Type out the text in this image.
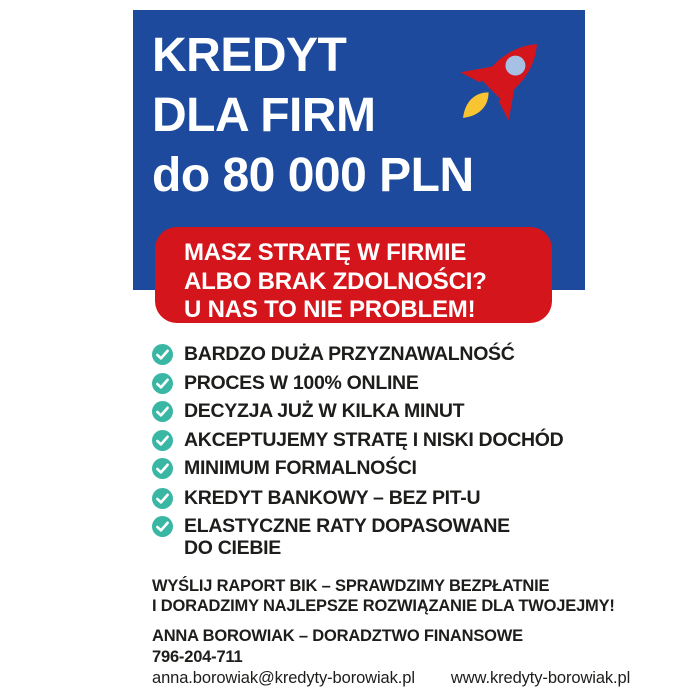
KREDYT
DLA FIRM
do 80 000 PLN
MASZ STRATĘ W FIRMIE
ALBO BRAK ZDOLNOŚCI?
U NAS TO NIE PROBLEM!
BARDZO DUŻA PRZYZNAWALNOŚĆ
PROCES W 100% ONLINE
DECYZJA JUŻ W KILKA MINUT
AKCEPTUJEMY STRATĘ I NISKI DOCHÓD
MINIMUM FORMALNOŚCI
KREDYT BANKOWY – BEZ PIT-U
ELASTYCZNE RATY DOPASOWANE DO CIEBIE
WYŚLIJ RAPORT BIK – SPRAWDZIMY BEZPŁATNIE
I DORADZIMY NAJLEPSZE ROZWIĄZANIE DLA TWOJEJMY!
ANNA BOROWIAK – DORADZTWO FINANSOWE
796-204-711
anna.borowiak@kredyty-borowiak.pl www.kredyty-borowiak.pl
